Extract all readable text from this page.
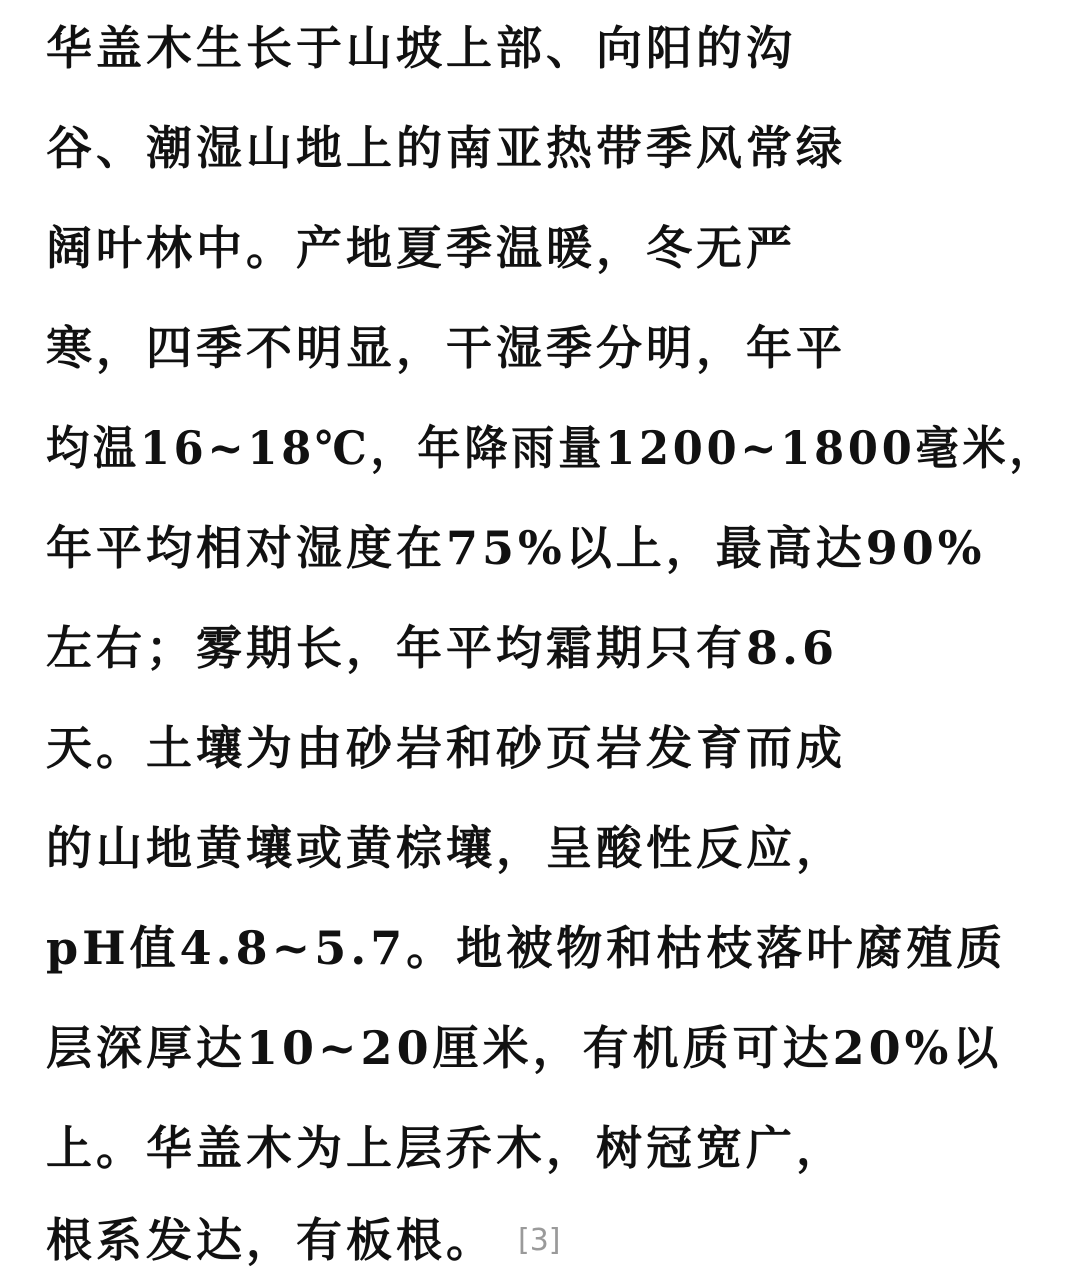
华盖木生长于山坡上部、向阳的沟
谷、潮湿山地上的南亚热带季风常绿
阔叶林中。产地夏季温暖，冬无严
寒，四季不明显，干湿季分明，年平
均温16~18℃，年降雨量1200~1800毫米，
年平均相对湿度在75%以上，最高达90%
左右；雾期长，年平均霜期只有8.6
天。土壤为由砂岩和砂页岩发育而成
的山地黄壤或黄棕壤，呈酸性反应，
pH值4.8~5.7。地被物和枯枝落叶腐殖质
层深厚达10~20厘米，有机质可达20%以
上。华盖木为上层乔木，树冠宽广，
根系发达，有板根。 [3]
